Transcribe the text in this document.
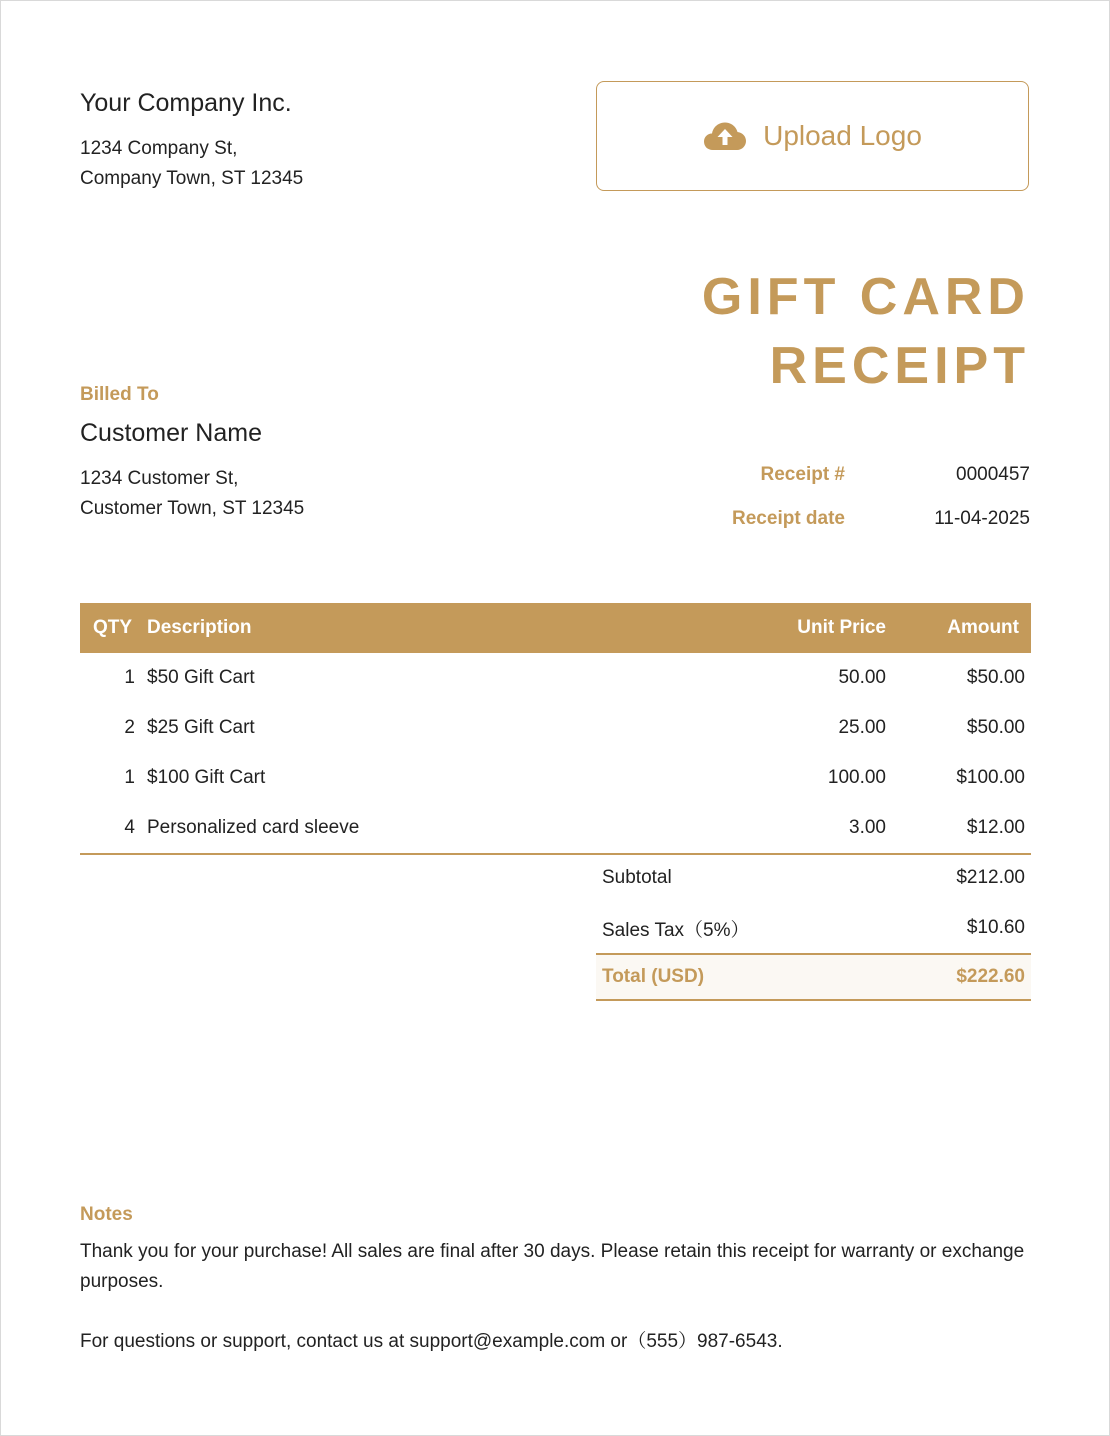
Your Company Inc.
1234 Company St,
Company Town, ST 12345
Upload Logo
GIFT CARD
RECEIPT
Billed To
Customer Name
1234 Customer St,
Customer Town, ST 12345
Receipt #	0000457
Receipt date	11-04-2025
QTY Description	Unit Price	Amount
1 $50 Gift Cart	50.00	$50.00
2 $25 Gift Cart	25.00	$50.00
1 $100 Gift Cart	100.00	$100.00
4 Personalized card sleeve	3.00	$12.00
Subtotal	$212.00
Sales Tax（5%）	$10.60
Total (USD)	$222.60
Notes

Thank you for your purchase! All sales are final after 30 days. Please retain this receipt for warranty or exchange purposes.

For questions or support, contact us at support@example.com or（555）987-6543.
